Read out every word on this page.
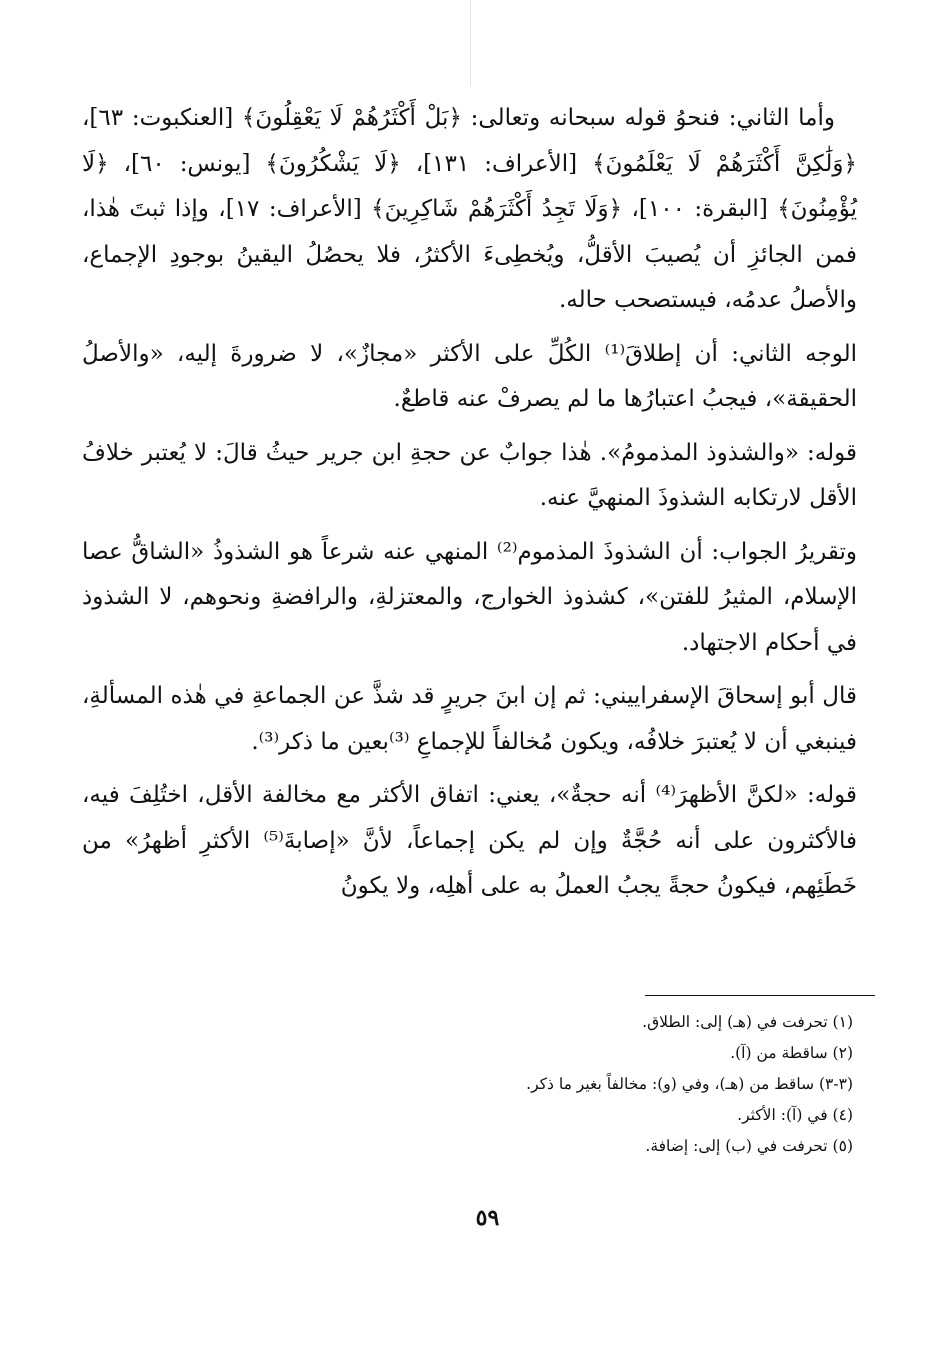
وأما الثاني: فنحوُ قوله سبحانه وتعالى: ﴿بَلْ أَكْثَرُهُمْ لَا يَعْقِلُونَ﴾ [العنكبوت: ٦٣]، ﴿وَلَٰكِنَّ أَكْثَرَهُمْ لَا يَعْلَمُونَ﴾ [الأعراف: ١٣١]، ﴿لَا يَشْكُرُونَ﴾ [يونس: ٦٠]، ﴿لَا يُؤْمِنُونَ﴾ [البقرة: ١٠٠]، ﴿وَلَا تَجِدُ أَكْثَرَهُمْ شَاكِرِينَ﴾ [الأعراف: ١٧]، وإذا ثبتَ هٰذا، فمن الجائزِ أن يُصيبَ الأقلُّ، ويُخطِىءَ الأكثرُ، فلا يحصُلُ اليقينُ بوجودِ الإجماع، والأصلُ عدمُه، فيستصحب حاله.

الوجه الثاني: أن إطلاقَ⁽¹⁾ الكُلِّ على الأكثر «مجازٌ»، لا ضرورةَ إليه، «والأصلُ الحقيقة»، فيجبُ اعتبارُها ما لم يصرفْ عنه قاطعٌ.

قوله: «والشذوذ المذمومُ». هٰذا جوابٌ عن حجةِ ابن جرير حيثُ قالَ: لا يُعتبر خلافُ الأقل لارتكابه الشذوذَ المنهيَّ عنه.

وتقريرُ الجواب: أن الشذوذَ المذموم⁽²⁾ المنهي عنه شرعاً هو الشذوذُ «الشاقُّ عصا الإسلام، المثيرُ للفتن»، كشذوذ الخوارج، والمعتزلةِ، والرافضةِ ونحوهم، لا الشذوذ في أحكام الاجتهاد.

قال أبو إسحاقَ الإسفراييني: ثم إن ابنَ جريرٍ قد شذَّ عن الجماعةِ في هٰذه المسألةِ، فينبغي أن لا يُعتبرَ خلافُه، ويكون مُخالفاً للإجماعِ ⁽³⁾بعين ما ذكر⁽³⁾.

قوله: «لكنَّ الأظهرَ⁽⁴⁾ أنه حجةٌ»، يعني: اتفاق الأكثر مع مخالفة الأقل، اختُلِفَ فيه، فالأكثرون على أنه حُجَّةٌ وإن لم يكن إجماعاً، لأنَّ «إصابةَ⁽⁵⁾ الأكثرِ أظهرُ» من خَطَئِهم، فيكونُ حجةً يجبُ العملُ به على أهلِه، ولا يكونُ

(١) تحرفت في (هـ) إلى: الطلاق.
(٢) ساقطة من (آ).
(٣-٣) ساقط من (هـ)، وفي (و): مخالفاً بغير ما ذكر.
(٤) في (آ): الأكثر.
(٥) تحرفت في (ب) إلى: إضافة.
٥٩
